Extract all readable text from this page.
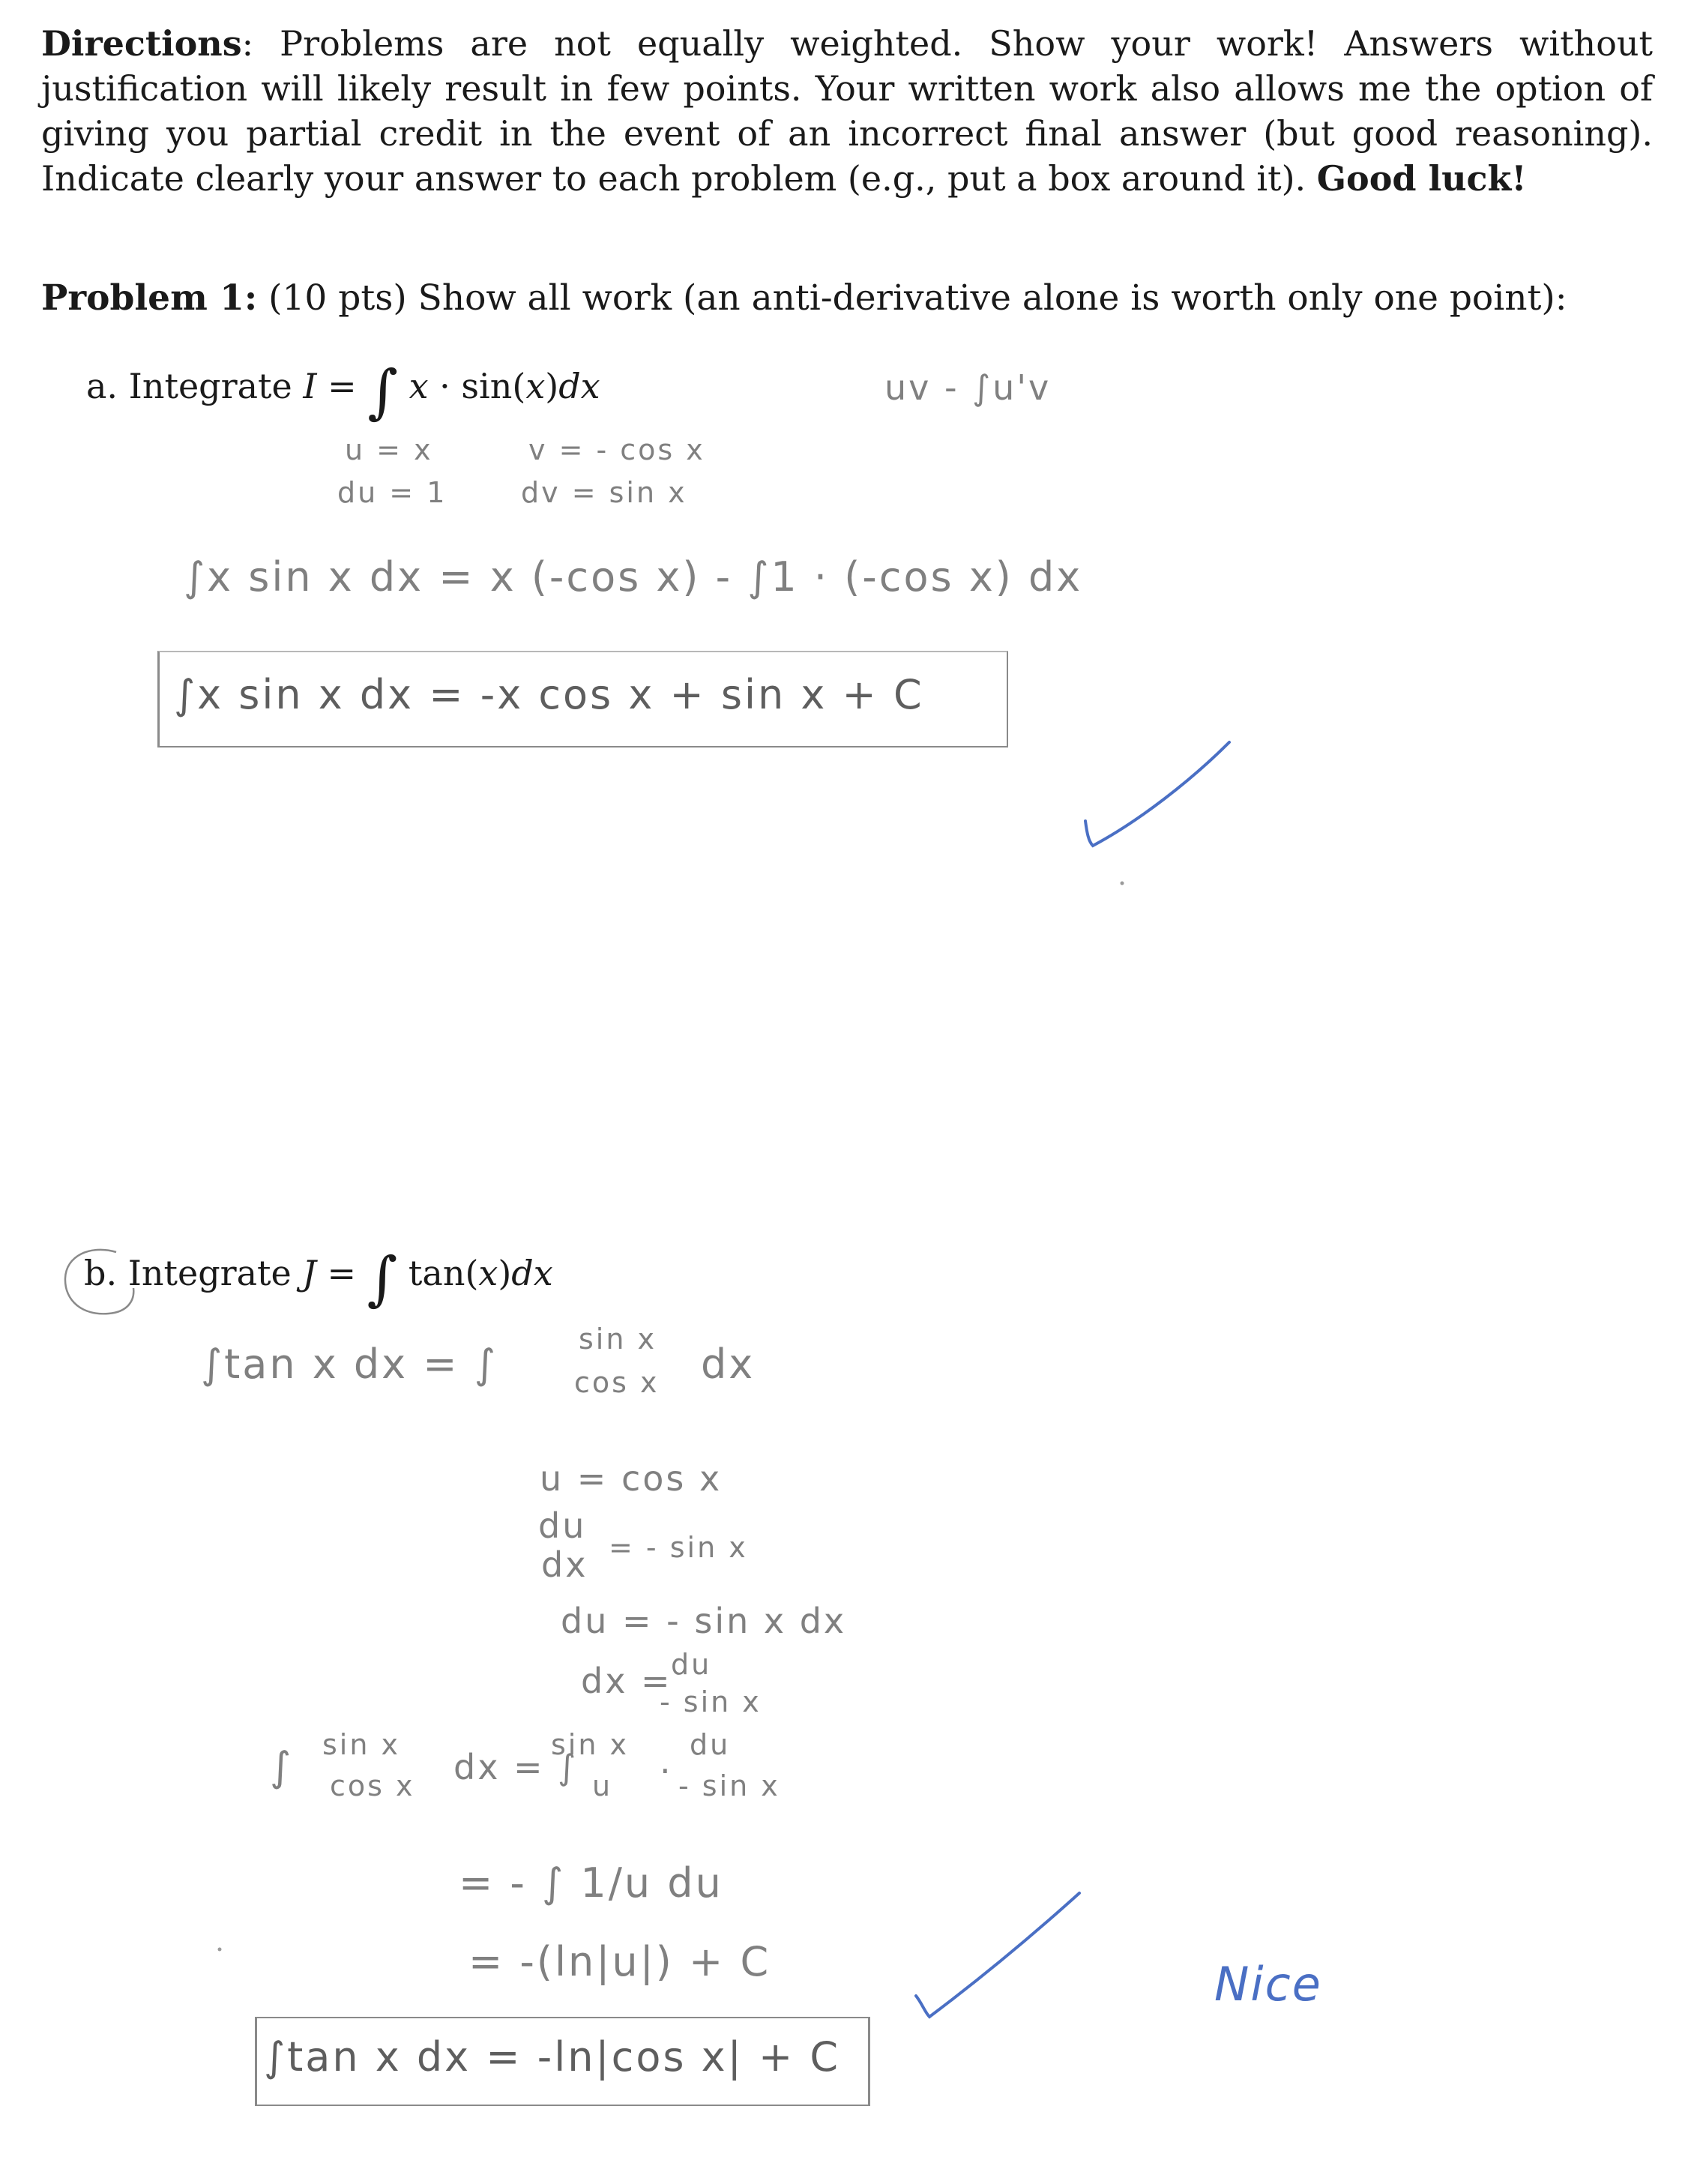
Directions: Problems are not equally weighted. Show your work! Answers without justification will likely result in few points. Your written work also allows me the option of giving you partial credit in the event of an incorrect final answer (but good reasoning). Indicate clearly your answer to each problem (e.g., put a box around it). Good luck!
Problem 1: (10 pts) Show all work (an anti-derivative alone is worth only one point):
a. Integrate I = ∫ x · sin(x)dx
b. Integrate J = ∫ tan(x)dx
uv - ∫u'v
u = x
du = 1
v = - cos x
dv = sin x
∫x sin x dx = x (-cos x) - ∫1 · (-cos x) dx
∫x sin x dx = -x cos x + sin x + C
∫tan x dx = ∫
sin x
cos x dx
u = cos x
du
dx = - sin x
du = - sin x dx
dx =
du
- sin x
∫ sin x
cos x dx = ∫
sin x
u ·
du
- sin x
= - ∫ 1/u du
= -(ln|u|) + C
∫tan x dx = -ln|cos x| + C
Nice
